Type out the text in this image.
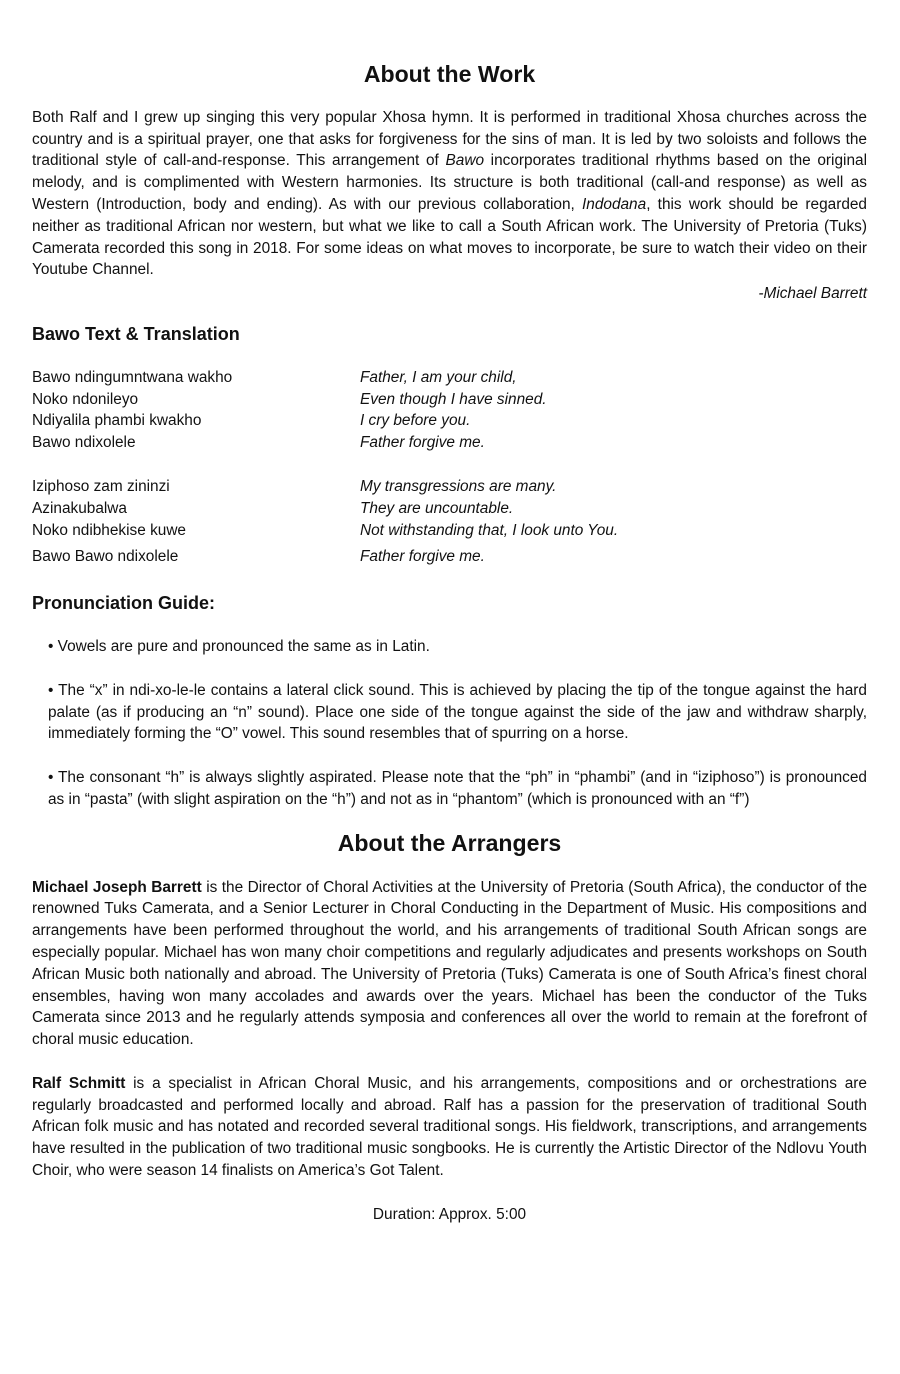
About the Work

Both Ralf and I grew up singing this very popular Xhosa hymn. It is performed in traditional Xhosa churches across the country and is a spiritual prayer, one that asks for forgiveness for the sins of man. It is led by two soloists and follows the traditional style of call-and-response. This arrangement of Bawo incorporates traditional rhythms based on the original melody, and is complimented with Western harmonies. Its structure is both traditional (call-and response) as well as Western (Introduction, body and ending). As with our previous collaboration, Indodana, this work should be regarded neither as traditional African nor western, but what we like to call a South African work. The University of Pretoria (Tuks) Camerata recorded this song in 2018. For some ideas on what moves to incorporate, be sure to watch their video on their Youtube Channel.

-Michael Barrett

Bawo Text & Translation
Bawo ndingumntwana wakho	Father, I am your child,
Noko ndonileyo	Even though I have sinned.
Ndiyalila phambi kwakho	I cry before you.
Bawo ndixolele	Father forgive me.
Iziphoso zam zininzi	My transgressions are many.
Azinakubalwa	They are uncountable.
Noko ndibhekise kuwe	Not withstanding that, I look unto You.
Bawo Bawo ndixolele	Father forgive me.
Pronunciation Guide:

• Vowels are pure and pronounced the same as in Latin.

• The “x” in ndi-xo-le-le contains a lateral click sound. This is achieved by placing the tip of the tongue against the hard palate (as if producing an “n” sound). Place one side of the tongue against the side of the jaw and withdraw sharply, immediately forming the “O” vowel. This sound resembles that of spurring on a horse.

• The consonant “h” is always slightly aspirated. Please note that the “ph” in “phambi” (and in “iziphoso”) is pronounced as in “pasta” (with slight aspiration on the “h”) and not as in “phantom” (which is pronounced with an “f”)

About the Arrangers

Michael Joseph Barrett is the Director of Choral Activities at the University of Pretoria (South Africa), the conductor of the renowned Tuks Camerata, and a Senior Lecturer in Choral Conducting in the Department of Music. His compositions and arrangements have been performed throughout the world, and his arrangements of traditional South African songs are especially popular. Michael has won many choir competitions and regularly adjudicates and presents workshops on South African Music both nationally and abroad. The University of Pretoria (Tuks) Camerata is one of South Africa’s finest choral ensembles, having won many accolades and awards over the years. Michael has been the conductor of the Tuks Camerata since 2013 and he regularly attends symposia and conferences all over the world to remain at the forefront of choral music education.

Ralf Schmitt is a specialist in African Choral Music, and his arrangements, compositions and or orchestrations are regularly broadcasted and performed locally and abroad. Ralf has a passion for the preservation of traditional South African folk music and has notated and recorded several traditional songs. His fieldwork, transcriptions, and arrangements have resulted in the publication of two traditional music songbooks. He is currently the Artistic Director of the Ndlovu Youth Choir, who were season 14 finalists on America’s Got Talent.

Duration: Approx. 5:00
